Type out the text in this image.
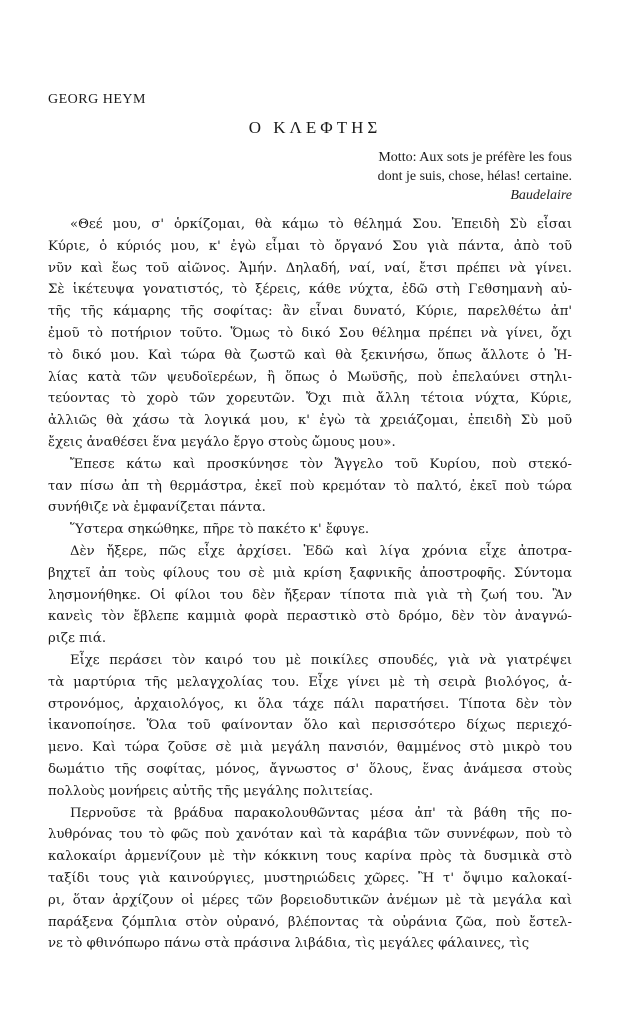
GEORG HEYM
Ο ΚΛΕΦΤΗΣ
Motto: Aux sots je préfère les fous
dont je suis, chose, hélas! certaine.
Baudelaire
«Θεέ μου, σ' ὁρκίζομαι, θὰ κάμω τὸ θέλημά Σου. Ἐπειδὴ Σὺ εἶσαι
Κύριε, ὁ κύριός μου, κ' ἐγὼ εἶμαι τὸ ὄργανό Σου γιὰ πάντα, ἀπὸ τοῦ
νῦν καὶ ἕως τοῦ αἰῶνος. Ἀμήν. Δηλαδή, ναί, ναί, ἔτσι πρέπει νὰ γίνει.
Σὲ ἱκέτευψα γονατιστός, τὸ ξέρεις, κάθε νύχτα, ἐδῶ στὴ Γεθσημανὴ αὐ-
τῆς τῆς κάμαρης τῆς σοφίτας: ἂν εἶναι δυνατό, Κύριε, παρελθέτω ἀπ'
ἐμοῦ τὸ ποτήριον τοῦτο. Ὅμως τὸ δικό Σου θέλημα πρέπει νὰ γίνει, ὄχι
τὸ δικό μου. Καὶ τώρα θὰ ζωστῶ καὶ θὰ ξεκινήσω, ὅπως ἄλλοτε ὁ Ἠ-
λίας κατὰ τῶν ψευδοϊερέων, ἢ ὅπως ὁ Μωϋσῆς, ποὺ ἐπελαύνει στηλι-
τεύοντας τὸ χορὸ τῶν χορευτῶν. Ὄχι πιὰ ἄλλη τέτοια νύχτα, Κύριε,
ἀλλιῶς θὰ χάσω τὰ λογικά μου, κ' ἐγὼ τὰ χρειάζομαι, ἐπειδὴ Σὺ μοῦ
ἔχεις ἀναθέσει ἕνα μεγάλο ἔργο στοὺς ὤμους μου».
Ἔπεσε κάτω καὶ προσκύνησε τὸν Ἄγγελο τοῦ Κυρίου, ποὺ στεκό-
ταν πίσω ἀπ τὴ θερμάστρα, ἐκεῖ ποὺ κρεμόταν τὸ παλτό, ἐκεῖ ποὺ τώρα
συνήθιζε νὰ ἐμφανίζεται πάντα.
Ὕστερα σηκώθηκε, πῆρε τὸ πακέτο κ' ἔφυγε.
Δὲν ἤξερε, πῶς εἶχε ἀρχίσει. Ἐδῶ καὶ λίγα χρόνια εἶχε ἀποτρα-
βηχτεῖ ἀπ τοὺς φίλους του σὲ μιὰ κρίση ξαφνικῆς ἀποστροφῆς. Σύντομα
λησμονήθηκε. Οἱ φίλοι του δὲν ἤξεραν τίποτα πιὰ γιὰ τὴ ζωή του. Ἂν
κανεὶς τὸν ἔβλεπε καμμιὰ φορὰ περαστικὸ στὸ δρόμο, δὲν τὸν ἀναγνώ-
ριζε πιά.
Εἶχε περάσει τὸν καιρό του μὲ ποικίλες σπουδές, γιὰ νὰ γιατρέψει
τὰ μαρτύρια τῆς μελαγχολίας του. Εἶχε γίνει μὲ τὴ σειρὰ βιολόγος, ἀ-
στρονόμος, ἀρχαιολόγος, κι ὅλα τάχε πάλι παρατήσει. Τίποτα δὲν τὸν
ἱκανοποίησε. Ὅλα τοῦ φαίνονταν ὅλο καὶ περισσότερο δίχως περιεχό-
μενο. Καὶ τώρα ζοῦσε σὲ μιὰ μεγάλη πανσιόν, θαμμένος στὸ μικρὸ του
δωμάτιο τῆς σοφίτας, μόνος, ἄγνωστος σ' ὅλους, ἕνας ἀνάμεσα στοὺς
πολλοὺς μονήρεις αὐτῆς τῆς μεγάλης πολιτείας.
Περνοῦσε τὰ βράδυα παρακολουθῶντας μέσα ἀπ' τὰ βάθη τῆς πο-
λυθρόνας του τὸ φῶς ποὺ χανόταν καὶ τὰ καράβια τῶν συννέφων, ποὺ τὸ
καλοκαίρι ἀρμενίζουν μὲ τὴν κόκκινη τους καρίνα πρὸς τὰ δυσμικὰ στὸ
ταξίδι τους γιὰ καινούργιες, μυστηριώδεις χῶρες. Ἢ τ' ὄψιμο καλοκαί-
ρι, ὅταν ἀρχίζουν οἱ μέρες τῶν βορειοδυτικῶν ἀνέμων μὲ τὰ μεγάλα καὶ
παράξενα ζόμπλια στὸν οὐρανό, βλέποντας τὰ οὐράνια ζῶα, ποὺ ἔστελ-
νε τὸ φθινόπωρο πάνω στὰ πράσινα λιβάδια, τὶς μεγάλες φάλαινες, τὶς
